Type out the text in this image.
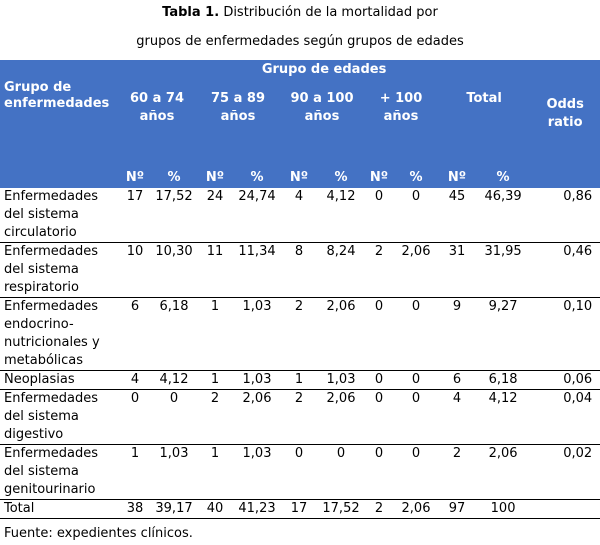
Tabla 1. Distribución de la mortalidad por
grupos de enfermedades según grupos de edades
Grupo de enfermedades	Grupo de edades										Odds ratio
	60 a 74 años		75 a 89 años		90 a 100 años		+ 100 años		Total		
	Nº	%	Nº	%	Nº	%	Nº	%	Nº	%	
Enfermedades del sistema circulatorio	17	17,52	24	24,74	4	4,12	0	0	45	46,39	0,86
Enfermedades del sistema respiratorio	10	10,30	11	11,34	8	8,24	2	2,06	31	31,95	0,46
Enfermedades endocrino- nutricionales y metabólicas	6	6,18	1	1,03	2	2,06	0	0	9	9,27	0,10
Neoplasias	4	4,12	1	1,03	1	1,03	0	0	6	6,18	0,06
Enfermedades del sistema digestivo	0	0	2	2,06	2	2,06	0	0	4	4,12	0,04
Enfermedades del sistema genitourinario	1	1,03	1	1,03	0	0	0	0	2	2,06	0,02
Total	38	39,17	40	41,23	17	17,52	2	2,06	97	100	
Fuente: expedientes clínicos.
